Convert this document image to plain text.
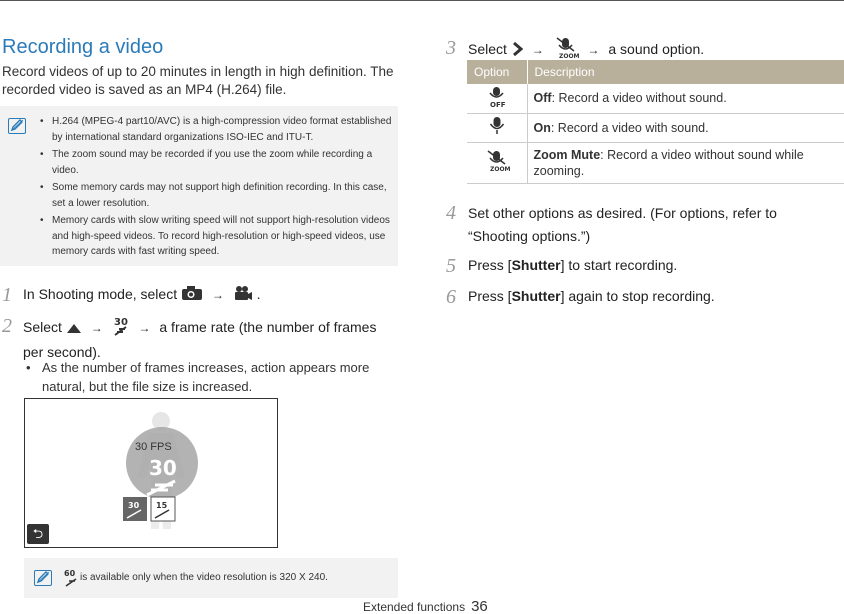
Recording a video
Record videos of up to 20 minutes in length in high definition. The recorded video is saved as an MP4 (H.264) file.
• H.264 (MPEG-4 part10/AVC) is a high-compression video format established by international standard organizations ISO-IEC and ITU-T.
• The zoom sound may be recorded if you use the zoom while recording a video.
• Some memory cards may not support high definition recording. In this case, set a lower resolution.
• Memory cards with slow writing speed will not support high-resolution videos and high-speed videos. To record high-resolution or high-speed videos, use memory cards with fast writing speed.
1 In Shooting mode, select	→ .
2 Select → 30 → a frame rate (the number of frames per second).
• As the number of frames increases, action appears more natural, but the file size is increased.
30
30 15
30 FPS
⮌
60 is available only when the video resolution is 320 X 240.
3 Select → ZOOM → a sound option.
Option	Description

OFF	Off: Record a video without sound.
	On: Record a video with sound.

ZOOM	Zoom Mute: Record a video without sound while zooming.
4 Set other options as desired. (For options, refer to “Shooting options.”)
5 Press [Shutter] to start recording.
6 Press [Shutter] again to stop recording.
Extended functions 36
